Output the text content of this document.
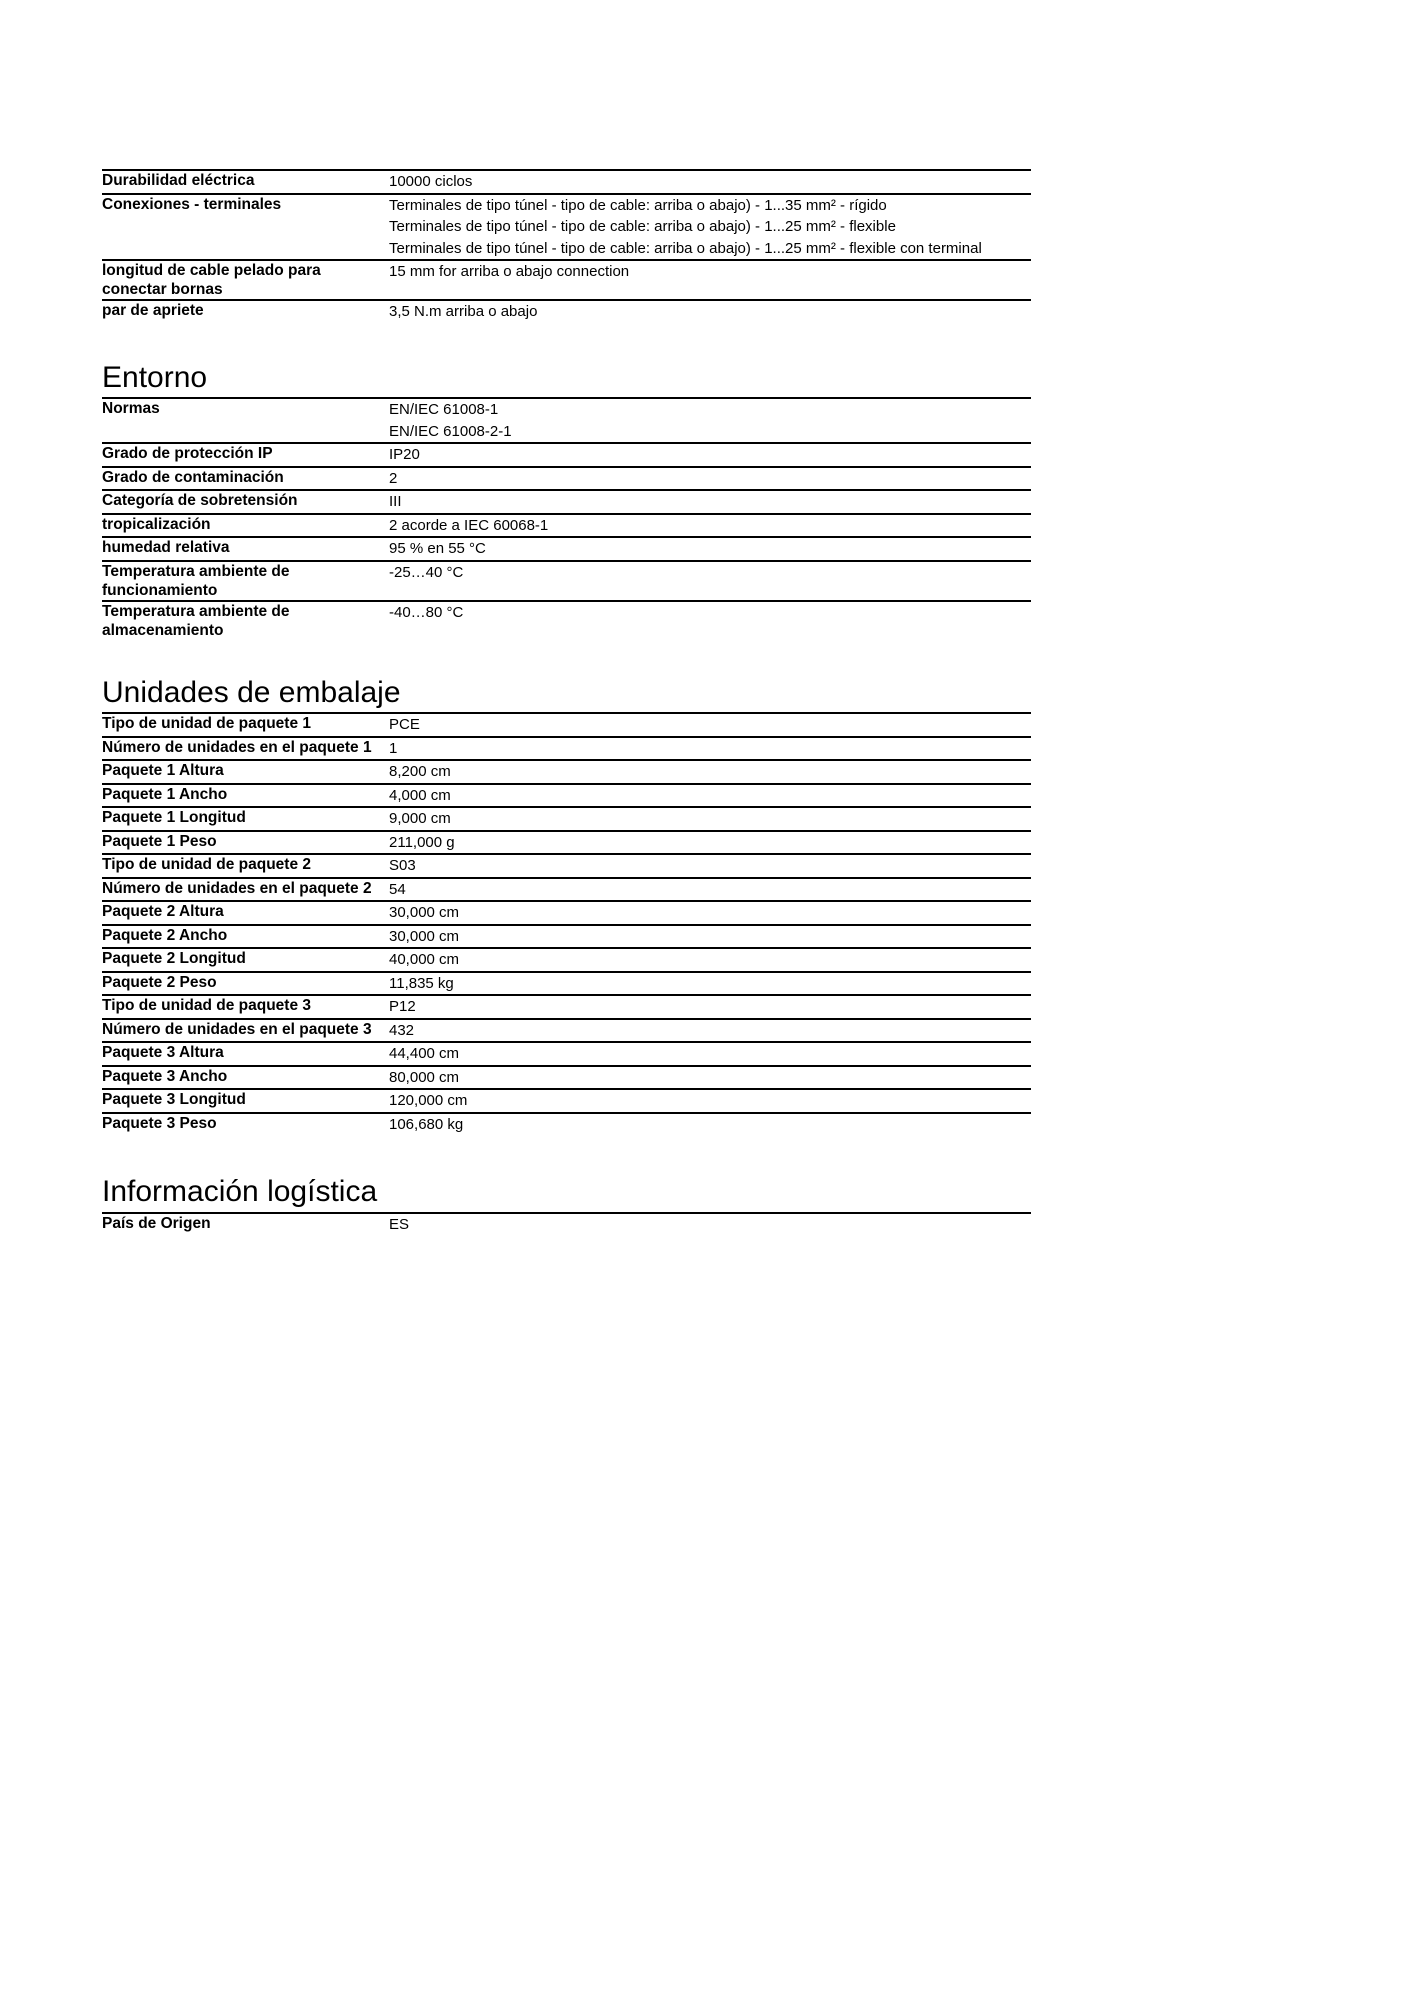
Durabilidad eléctrica	10000 ciclos

Conexiones - terminales	Terminales de tipo túnel - tipo de cable: arriba o abajo) - 1...35 mm² - rígido
Terminales de tipo túnel - tipo de cable: arriba o abajo) - 1...25 mm² - flexible
Terminales de tipo túnel - tipo de cable: arriba o abajo) - 1...25 mm² - flexible con terminal

longitud de cable pelado para conectar bornas	15 mm for arriba o abajo connection

par de apriete	3,5 N.m arriba o abajo
Entorno
Normas	EN/IEC 61008-1
EN/IEC 61008-2-1

Grado de protección IP	IP20

Grado de contaminación	2

Categoría de sobretensión	III

tropicalización	2 acorde a IEC 60068-1

humedad relativa	95 % en 55 °C

Temperatura ambiente de funcionamiento	-25…40 °C

Temperatura ambiente de almacenamiento	-40…80 °C
Unidades de embalaje
Tipo de unidad de paquete 1	PCE

Número de unidades en el paquete 1	1

Paquete 1 Altura	8,200 cm

Paquete 1 Ancho	4,000 cm

Paquete 1 Longitud	9,000 cm

Paquete 1 Peso	211,000 g

Tipo de unidad de paquete 2	S03

Número de unidades en el paquete 2	54

Paquete 2 Altura	30,000 cm

Paquete 2 Ancho	30,000 cm

Paquete 2 Longitud	40,000 cm

Paquete 2 Peso	11,835 kg

Tipo de unidad de paquete 3	P12

Número de unidades en el paquete 3	432

Paquete 3 Altura	44,400 cm

Paquete 3 Ancho	80,000 cm

Paquete 3 Longitud	120,000 cm

Paquete 3 Peso	106,680 kg
Información logística
País de Origen	ES
